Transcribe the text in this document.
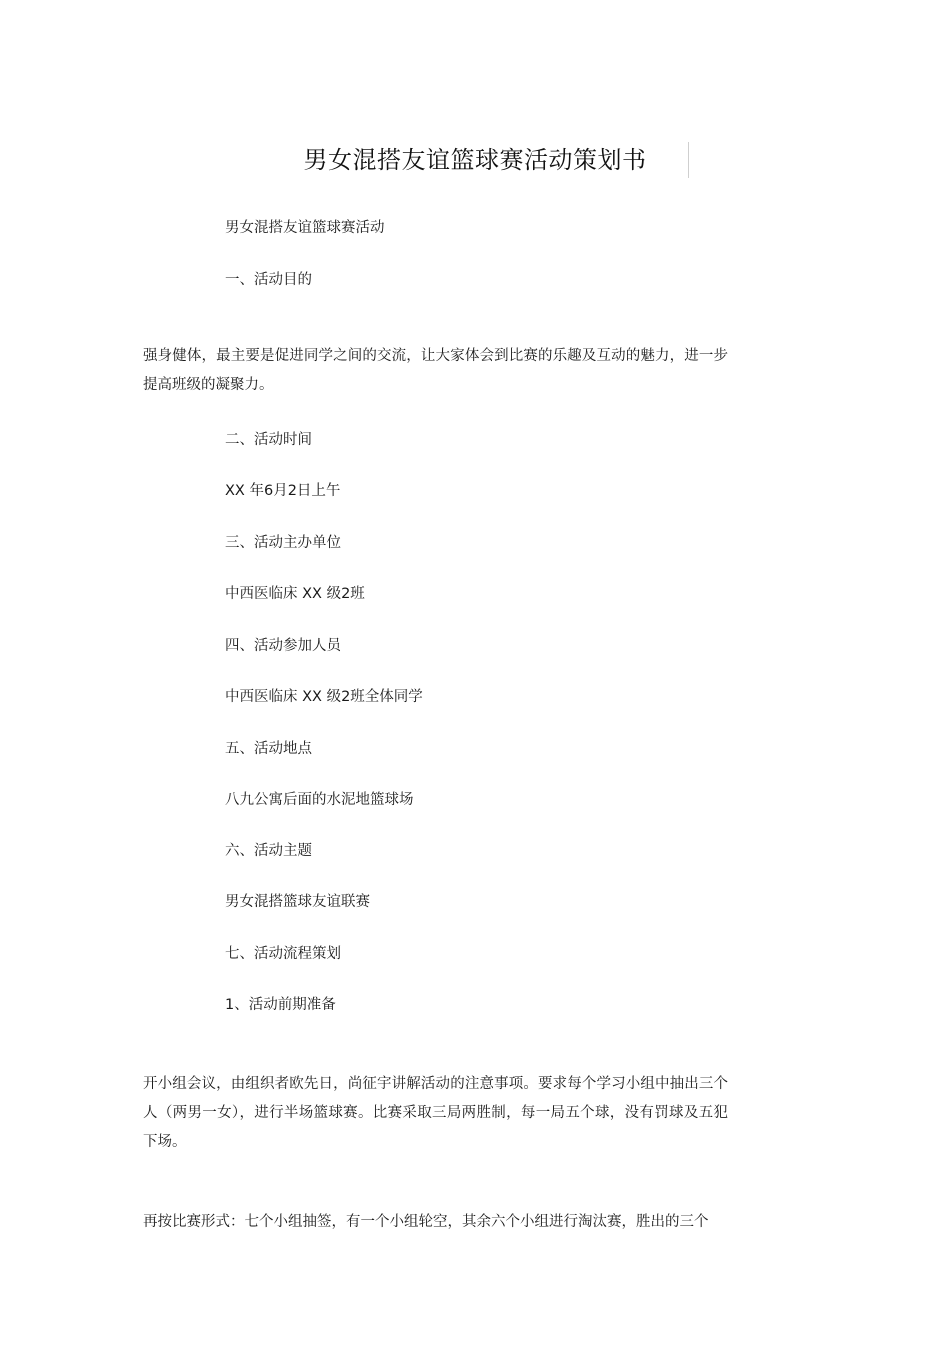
男女混搭友谊篮球赛活动策划书
男女混搭友谊篮球赛活动
一、活动目的
强身健体，最主要是促进同学之间的交流，让大家体会到比赛的乐趣及互动的魅力，进一步提高班级的凝聚力。
二、活动时间
XX 年6月2日上午
三、活动主办单位
中西医临床 XX 级2班
四、活动参加人员
中西医临床 XX 级2班全体同学
五、活动地点
八九公寓后面的水泥地篮球场
六、活动主题
男女混搭篮球友谊联赛
七、活动流程策划
1、活动前期准备
开小组会议，由组织者欧先日，尚征宇讲解活动的注意事项。要求每个学习小组中抽出三个人（两男一女），进行半场篮球赛。比赛采取三局两胜制，每一局五个球，没有罚球及五犯下场。
再按比赛形式：七个小组抽签，有一个小组轮空，其余六个小组进行淘汰赛，胜出的三个
